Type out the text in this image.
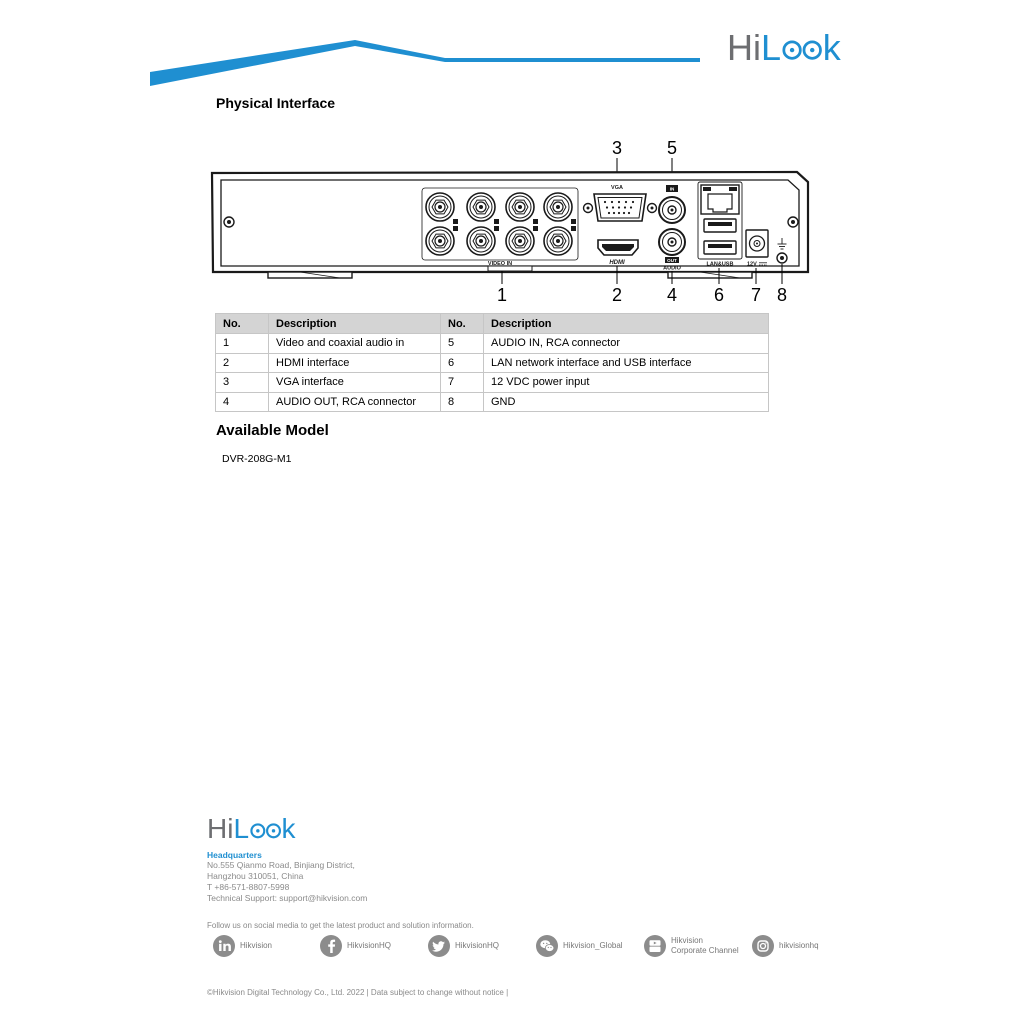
Hi L k
Physical Interface
3 5
VIDEO IN
VGA
HDMI
IN
OUT
AUDIO
LAN&USB 12V
1	2 4 6 7 8
No.	Description	No.	Description
1	Video and coaxial audio in	5	AUDIO IN, RCA connector
2	HDMI interface	6	LAN network interface and USB interface
3	VGA interface	7	12 VDC power input
4	AUDIO OUT, RCA connector	8	GND
Available Model
DVR-208G-M1
Hi L k
Headquarters
No.555 Qianmo Road, Binjiang District,
Hangzhou 310051, China
T +86-571-8807-5998
Technical Support: support@hikvision.com
Follow us on social media to get the latest product and solution information.
Hikvision	HikvisionHQ	HikvisionHQ	Hikvision_Global
Hikvision
Corporate Channel
hikvisionhq
©Hikvision Digital Technology Co., Ltd. 2022 | Data subject to change without notice |
